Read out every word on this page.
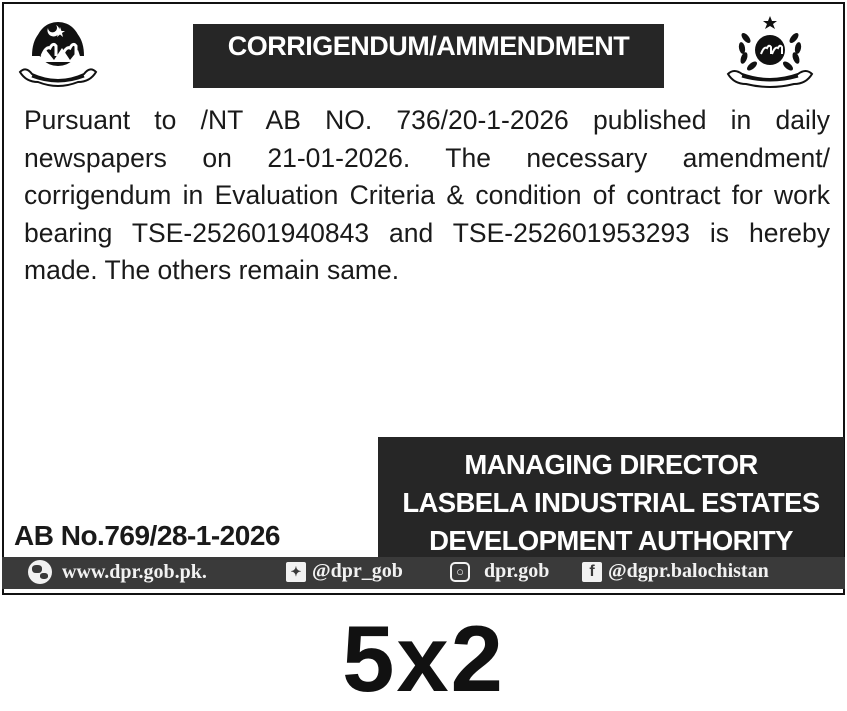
CORRIGENDUM/AMMENDMENT
Pursuant to /NT AB NO. 736/20-1-2026 published in daily newspapers on 21-01-2026. The necessary amendment/ corrigendum in Evaluation Criteria & condition of contract for work bearing TSE-252601940843 and TSE-252601953293 is hereby made. The others remain same.
MANAGING DIRECTOR
LASBELA INDUSTRIAL ESTATES
DEVELOPMENT AUTHORITY
AB No.769/28-1-2026
www.dpr.gob.pk.	✦ @dpr_gob	○	dpr.gob	f @dgpr.balochistan
5x2
